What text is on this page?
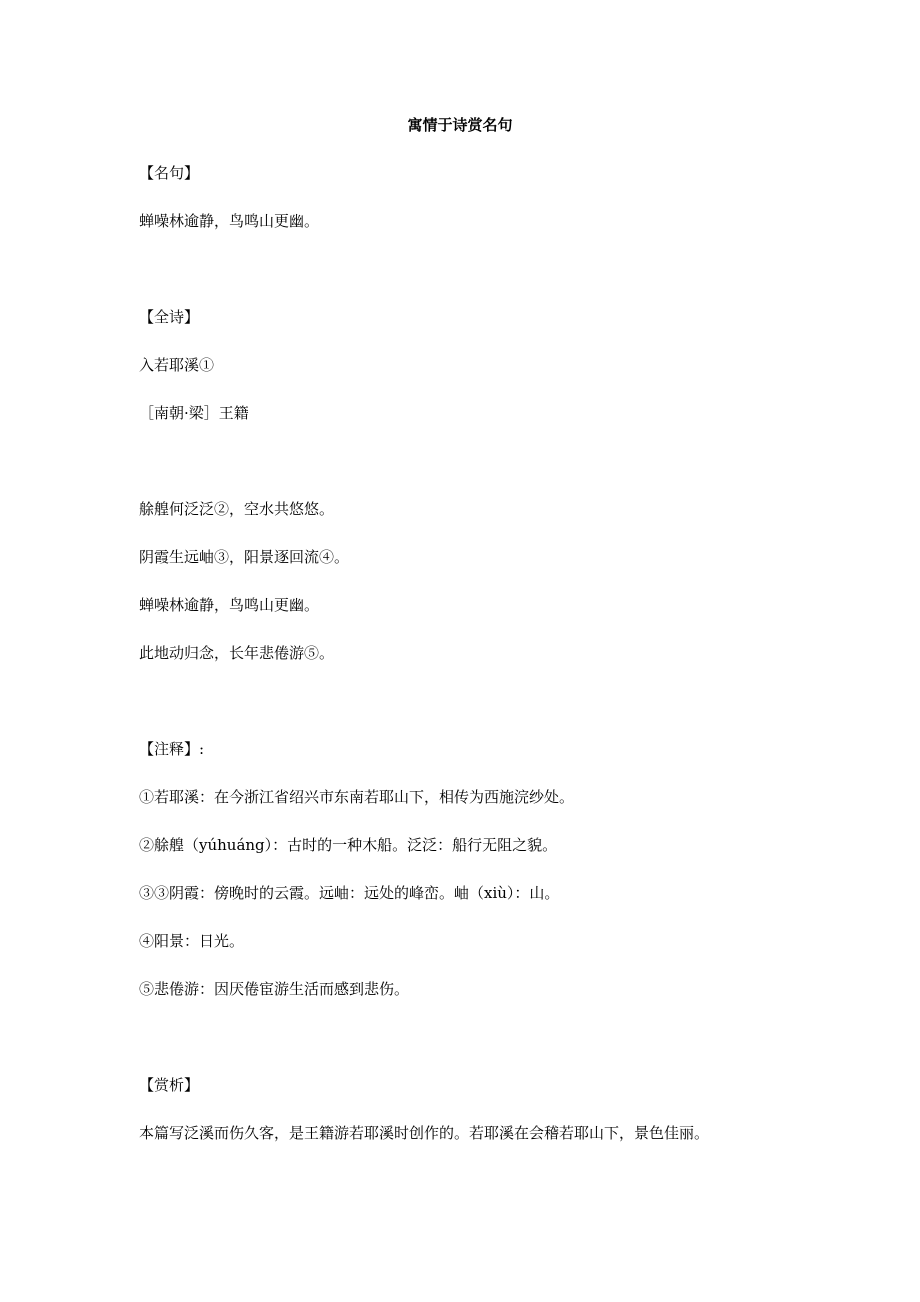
寓情于诗赏名句
【名句】
蝉噪林逾静，鸟鸣山更幽。
【全诗】
入若耶溪①
［南朝·梁］王籍
艅艎何泛泛②，空水共悠悠。
阴霞生远岫③，阳景逐回流④。
蝉噪林逾静，鸟鸣山更幽。
此地动归念，长年悲倦游⑤。
【注释】:
①若耶溪：在今浙江省绍兴市东南若耶山下，相传为西施浣纱处。
②艅艎（yúhuáng）：古时的一种木船。泛泛：船行无阻之貌。
③③阴霞：傍晚时的云霞。远岫：远处的峰峦。岫（xiù）：山。
④阳景：日光。
⑤悲倦游：因厌倦宦游生活而感到悲伤。
【赏析】
本篇写泛溪而伤久客，是王籍游若耶溪时创作的。若耶溪在会稽若耶山下，景色佳丽。
